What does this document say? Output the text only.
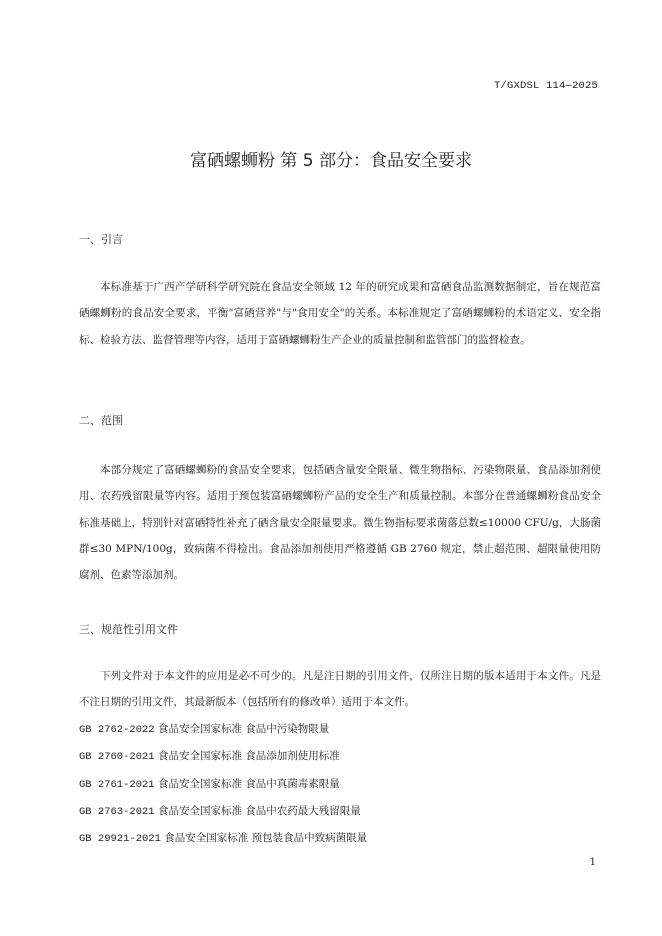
T/GXDSL 114—2025
富硒螺蛳粉 第 5 部分：食品安全要求
一、引言

本标准基于广西产学研科学研究院在食品安全领域 12 年的研究成果和富硒食品监测数据制定，旨在规范富硒螺蛳粉的食品安全要求，平衡"富硒营养"与"食用安全"的关系。本标准规定了富硒螺蛳粉的术语定义、安全指标、检验方法、监督管理等内容，适用于富硒螺蛳粉生产企业的质量控制和监管部门的监督检查。

二、范围

本部分规定了富硒螺蛳粉的食品安全要求，包括硒含量安全限量、微生物指标、污染物限量、食品添加剂使用、农药残留限量等内容。适用于预包装富硒螺蛳粉产品的安全生产和质量控制。本部分在普通螺蛳粉食品安全标准基础上，特别针对富硒特性补充了硒含量安全限量要求。微生物指标要求菌落总数≤10000 CFU/g，大肠菌群≤30 MPN/100g，致病菌不得检出。食品添加剂使用严格遵循 GB 2760 规定，禁止超范围、超限量使用防腐剂、色素等添加剂。

三、规范性引用文件

下列文件对于本文件的应用是必不可少的。凡是注日期的引用文件，仅所注日期的版本适用于本文件。凡是不注日期的引用文件，其最新版本（包括所有的修改单）适用于本文件。

GB 2762-2022 食品安全国家标准 食品中污染物限量
GB 2760-2021 食品安全国家标准 食品添加剂使用标准
GB 2761-2021 食品安全国家标准 食品中真菌毒素限量
GB 2763-2021 食品安全国家标准 食品中农药最大残留限量
GB 29921-2021 食品安全国家标准 预包装食品中致病菌限量
1
